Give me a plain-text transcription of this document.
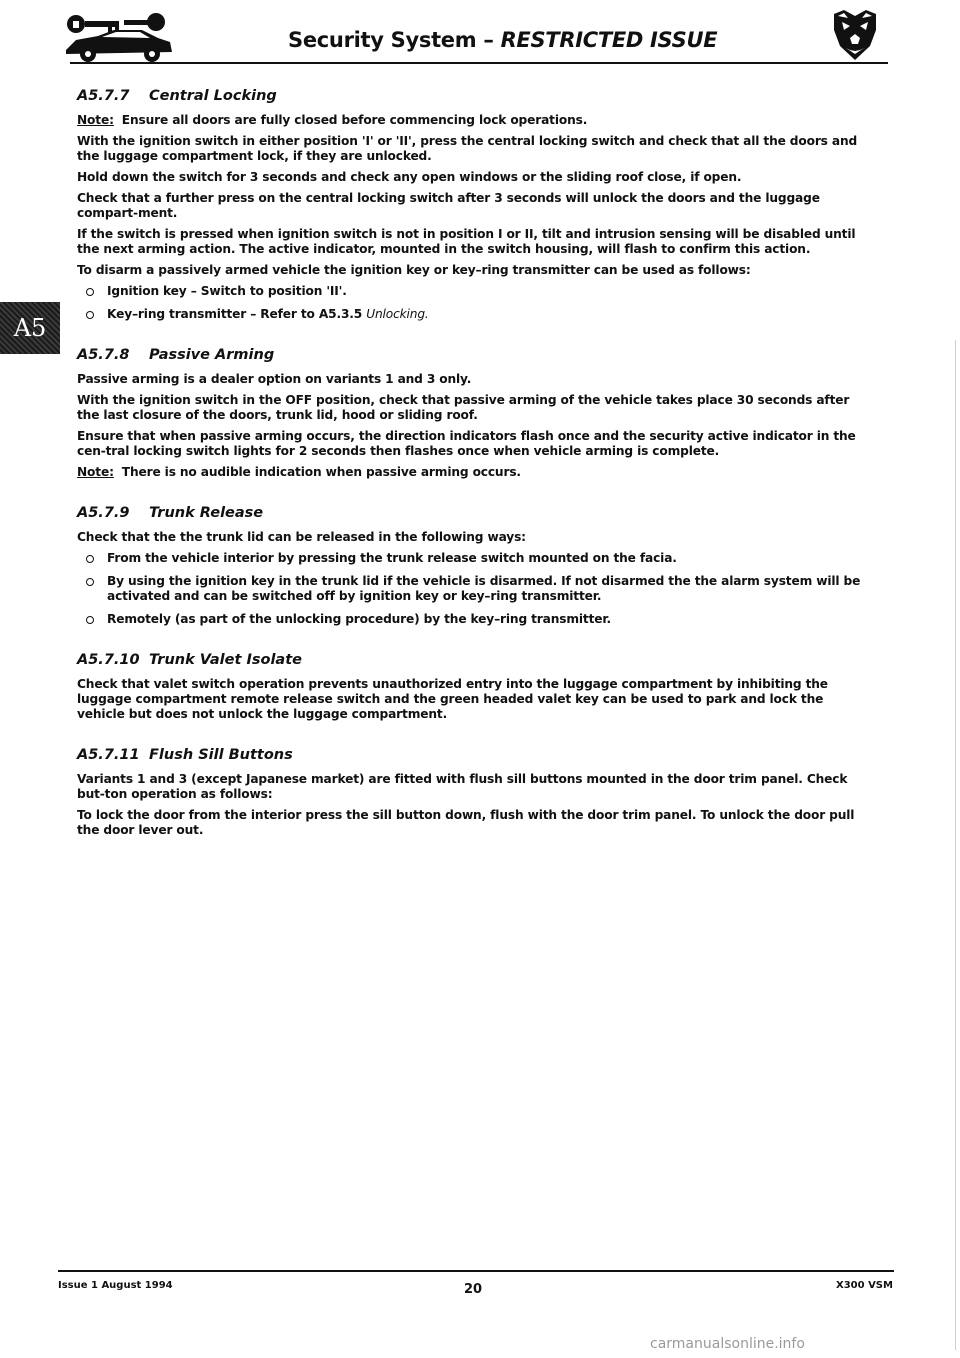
Security System – RESTRICTED ISSUE
A5
A5.7.7 Central Locking

Note: Ensure all doors are fully closed before commencing lock operations.

With the ignition switch in either position 'I' or 'II', press the central locking switch and check that all the doors and the luggage compartment lock, if they are unlocked.

Hold down the switch for 3 seconds and check any open windows or the sliding roof close, if open.

Check that a further press on the central locking switch after 3 seconds will unlock the doors and the luggage compart-ment.

If the switch is pressed when ignition switch is not in position I or II, tilt and intrusion sensing will be disabled until the next arming action. The active indicator, mounted in the switch housing, will flash to confirm this action.

To disarm a passively armed vehicle the ignition key or key–ring transmitter can be used as follows:

Ignition key – Switch to position 'II'.
Key–ring transmitter – Refer to A5.3.5 Unlocking.
A5.7.8 Passive Arming

Passive arming is a dealer option on variants 1 and 3 only.

With the ignition switch in the OFF position, check that passive arming of the vehicle takes place 30 seconds after the last closure of the doors, trunk lid, hood or sliding roof.

Ensure that when passive arming occurs, the direction indicators flash once and the security active indicator in the cen-tral locking switch lights for 2 seconds then flashes once when vehicle arming is complete.

Note: There is no audible indication when passive arming occurs.

A5.7.9 Trunk Release

Check that the the trunk lid can be released in the following ways:

From the vehicle interior by pressing the trunk release switch mounted on the facia.
By using the ignition key in the trunk lid if the vehicle is disarmed. If not disarmed the the alarm system will be activated and can be switched off by ignition key or key–ring transmitter.
Remotely (as part of the unlocking procedure) by the key–ring transmitter.
A5.7.10 Trunk Valet Isolate

Check that valet switch operation prevents unauthorized entry into the luggage compartment by inhibiting the luggage compartment remote release switch and the green headed valet key can be used to park and lock the vehicle but does not unlock the luggage compartment.

A5.7.11 Flush Sill Buttons

Variants 1 and 3 (except Japanese market) are fitted with flush sill buttons mounted in the door trim panel. Check but-ton operation as follows:

To lock the door from the interior press the sill button down, flush with the door trim panel. To unlock the door pull the door lever out.

Issue 1 August 1994	20	X300 VSM
carmanualsonline.info
